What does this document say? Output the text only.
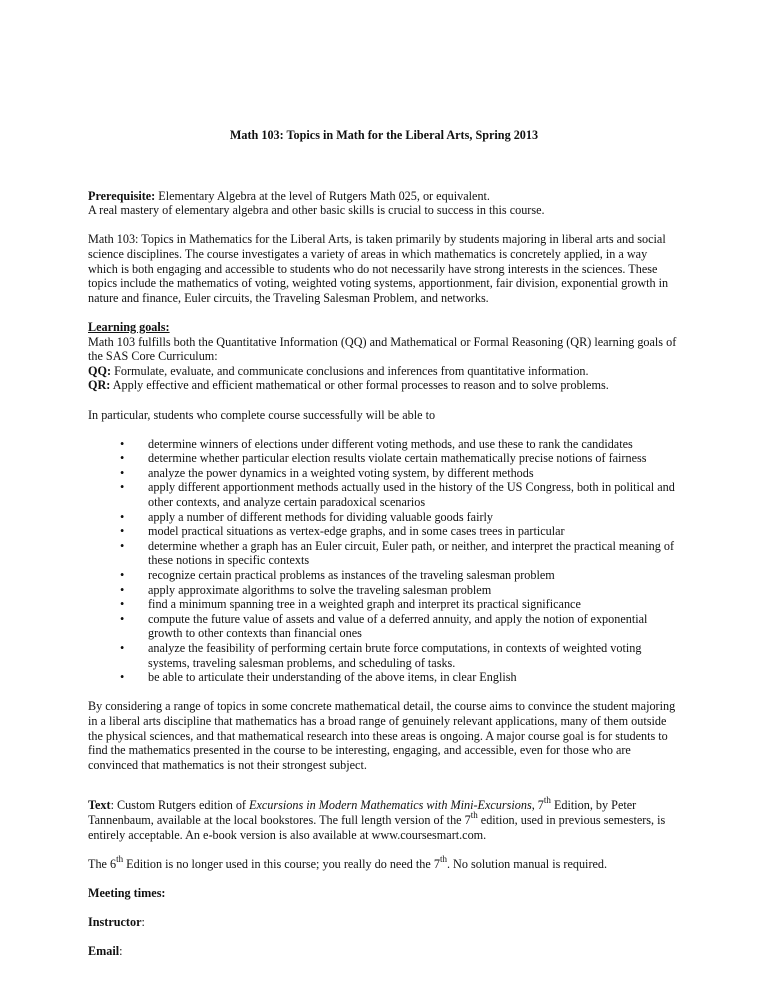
Math 103: Topics in Math for the Liberal Arts, Spring 2013

Prerequisite: Elementary Algebra at the level of Rutgers Math 025, or equivalent.
A real mastery of elementary algebra and other basic skills is crucial to success in this course.

Math 103: Topics in Mathematics for the Liberal Arts, is taken primarily by students majoring in liberal arts and social science disciplines. The course investigates a variety of areas in which mathematics is concretely applied, in a way which is both engaging and accessible to students who do not necessarily have strong interests in the sciences. These topics include the mathematics of voting, weighted voting systems, apportionment, fair division, exponential growth in nature and finance, Euler circuits, the Traveling Salesman Problem, and networks.

Learning goals:
Math 103 fulfills both the Quantitative Information (QQ) and Mathematical or Formal Reasoning (QR) learning goals of the SAS Core Curriculum:
QQ: Formulate, evaluate, and communicate conclusions and inferences from quantitative information.
QR: Apply effective and efficient mathematical or other formal processes to reason and to solve problems.

In particular, students who complete course successfully will be able to

• determine winners of elections under different voting methods, and use these to rank the candidates
• determine whether particular election results violate certain mathematically precise notions of fairness
• analyze the power dynamics in a weighted voting system, by different methods
• apply different apportionment methods actually used in the history of the US Congress, both in political and other contexts, and analyze certain paradoxical scenarios
• apply a number of different methods for dividing valuable goods fairly
• model practical situations as vertex-edge graphs, and in some cases trees in particular
• determine whether a graph has an Euler circuit, Euler path, or neither, and interpret the practical meaning of these notions in specific contexts
• recognize certain practical problems as instances of the traveling salesman problem
• apply approximate algorithms to solve the traveling salesman problem
• find a minimum spanning tree in a weighted graph and interpret its practical significance
• compute the future value of assets and value of a deferred annuity, and apply the notion of exponential growth to other contexts than financial ones
• analyze the feasibility of performing certain brute force computations, in contexts of weighted voting systems, traveling salesman problems, and scheduling of tasks.
• be able to articulate their understanding of the above items, in clear English

By considering a range of topics in some concrete mathematical detail, the course aims to convince the student majoring in a liberal arts discipline that mathematics has a broad range of genuinely relevant applications, many of them outside the physical sciences, and that mathematical research into these areas is ongoing. A major course goal is for students to find the mathematics presented in the course to be interesting, engaging, and accessible, even for those who are convinced that mathematics is not their strongest subject.

Text: Custom Rutgers edition of Excursions in Modern Mathematics with Mini-Excursions, 7th Edition, by Peter Tannenbaum, available at the local bookstores. The full length version of the 7th edition, used in previous semesters, is entirely acceptable. An e-book version is also available at www.coursesmart.com.

The 6th Edition is no longer used in this course; you really do need the 7th. No solution manual is required.

Meeting times:

Instructor:

Email:
